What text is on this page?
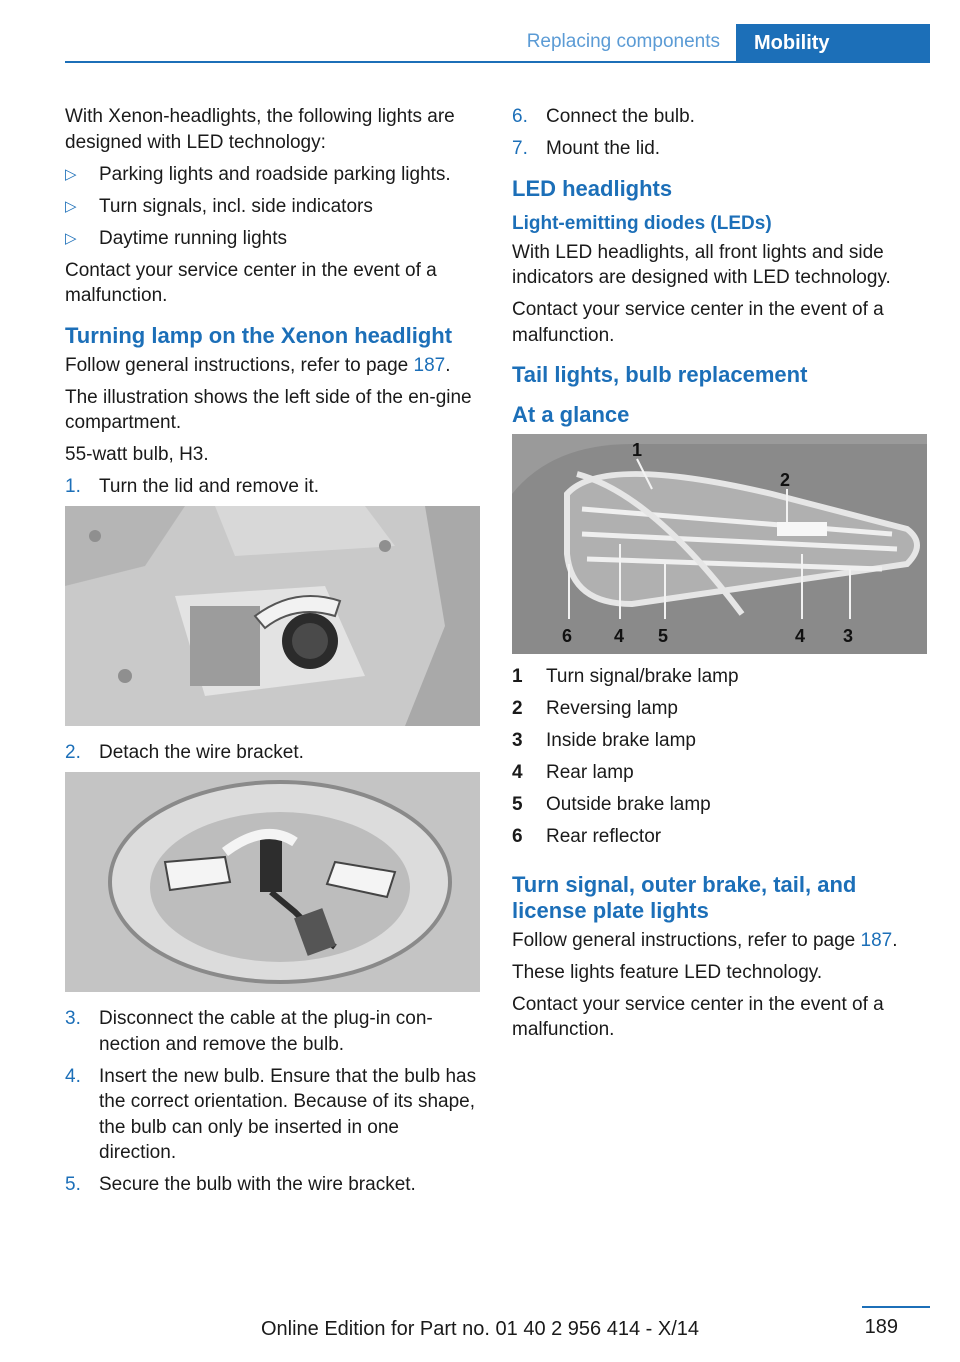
Replacing components	Mobility

With Xenon-headlights, the following lights are designed with LED technology:

▷ Parking lights and roadside parking lights.
▷ Turn signals, incl. side indicators
▷ Daytime running lights

Contact your service center in the event of a malfunction.

Turning lamp on the Xenon headlight

Follow general instructions, refer to page 187.

The illustration shows the left side of the en‐gine compartment.

55-watt bulb, H3.

1. Turn the lid and remove it.
2. Detach the wire bracket.
3. Disconnect the cable at the plug-in con‐nection and remove the bulb.
4. Insert the new bulb. Ensure that the bulb has the correct orientation. Because of its shape, the bulb can only be inserted in one direction.
5. Secure the bulb with the wire bracket.
6. Connect the bulb.
7. Mount the lid.
LED headlights
Light-emitting diodes (LEDs)

With LED headlights, all front lights and side indicators are designed with LED technology.

Contact your service center in the event of a malfunction.

Tail lights, bulb replacement
At a glance
1
2
6 4 5	4 3
1	Turn signal/brake lamp
2	Reversing lamp
3	Inside brake lamp
4	Rear lamp
5	Outside brake lamp
6	Rear reflector
Turn signal, outer brake, tail, and license plate lights

Follow general instructions, refer to page 187.

These lights feature LED technology.

Contact your service center in the event of a malfunction.

189
Online Edition for Part no. 01 40 2 956 414 - X/14
